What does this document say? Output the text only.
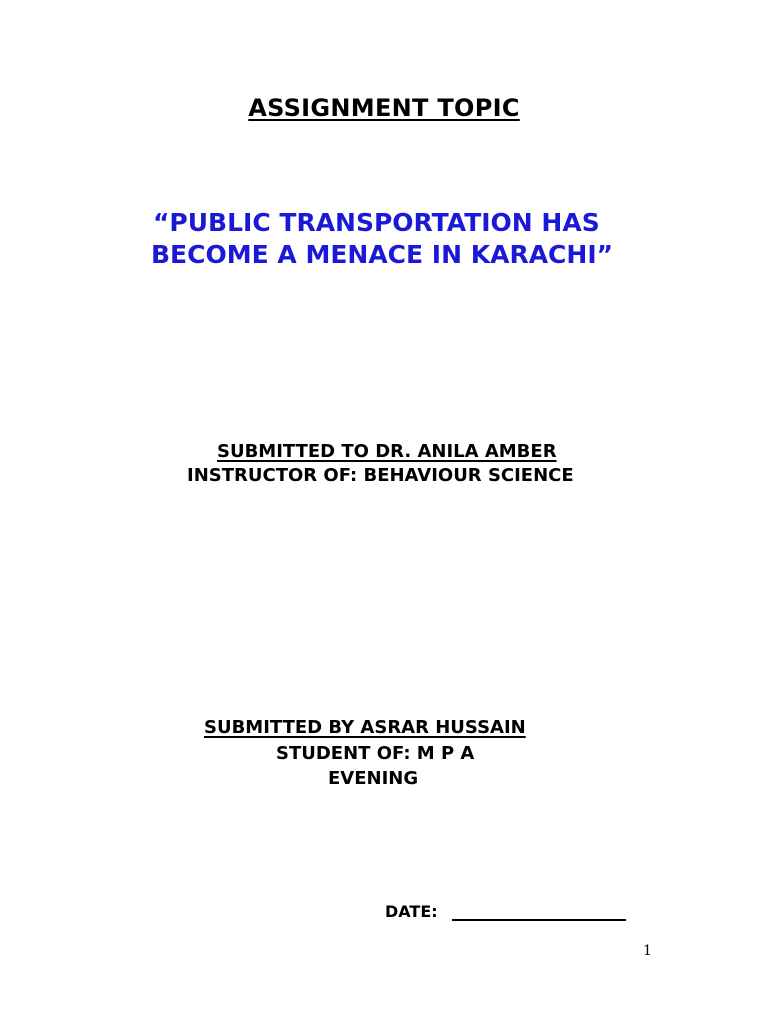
ASSIGNMENT TOPIC
“PUBLIC TRANSPORTATION HAS
BECOME A MENACE IN KARACHI”
SUBMITTED TO DR. ANILA AMBER
INSTRUCTOR OF: BEHAVIOUR SCIENCE
SUBMITTED BY ASRAR HUSSAIN
STUDENT OF: M P A
EVENING
DATE:
1
